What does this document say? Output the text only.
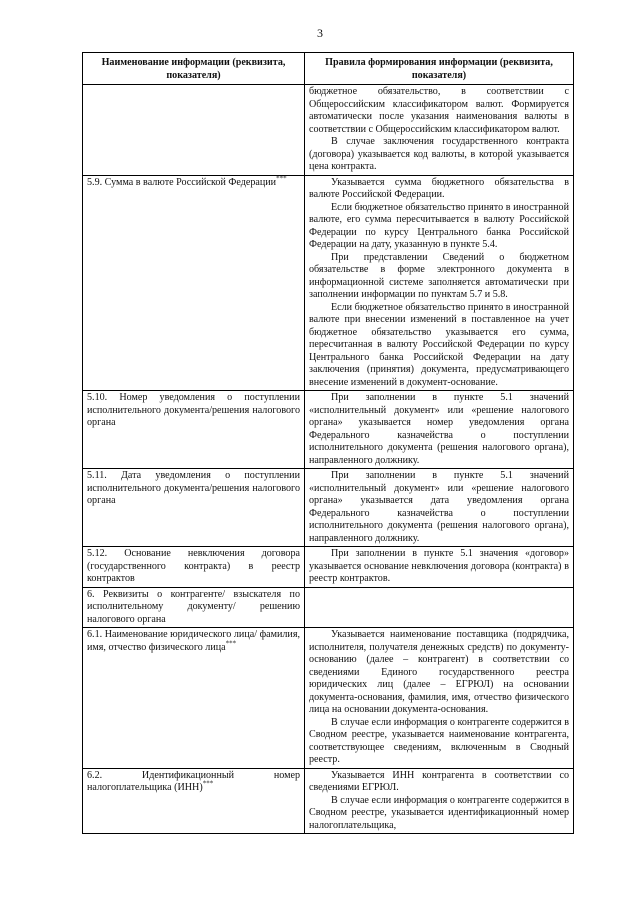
3
Наименование информации (реквизита, показателя)	Правила формирования информации (реквизита, показателя)

	бюджетное обязательство, в соответствии с Общероссийским классификатором валют. Формируется автоматически после указания наименования валюты в соответствии с Общероссийским классификатором валют.

В случае заключения государственного контракта (договора) указывается код валюты, в которой указывается цена контракта.

5.9. Сумма в валюте Российской Федерации***	Указывается сумма бюджетного обязательства в валюте Российской Федерации.

Если бюджетное обязательство принято в иностранной валюте, его сумма пересчитывается в валюту Российской Федерации по курсу Центрального банка Российской Федерации на дату, указанную в пункте 5.4.

При представлении Сведений о бюджетном обязательстве в форме электронного документа в информационной системе заполняется автоматически при заполнении информации по пунктам 5.7 и 5.8.

Если бюджетное обязательство принято в иностранной валюте при внесении изменений в поставленное на учет бюджетное обязательство указывается его сумма, пересчитанная в валюту Российской Федерации по курсу Центрального банка Российской Федерации на дату заключения (принятия) документа, предусматривающего внесение изменений в документ-основание.

5.10. Номер уведомления о поступлении исполнительного документа/решения налогового органа	При заполнении в пункте 5.1 значений «исполнительный документ» или «решение налогового органа» указывается номер уведомления органа Федерального казначейства о поступлении исполнительного документа (решения налогового органа), направленного должнику.

5.11. Дата уведомления о поступлении исполнительного документа/решения налогового органа	При заполнении в пункте 5.1 значений «исполнительный документ» или «решение налогового органа» указывается дата уведомления органа Федерального казначейства о поступлении исполнительного документа (решения налогового органа), направленного должнику.

5.12. Основание невключения договора (государственного контракта) в реестр контрактов	При заполнении в пункте 5.1 значения «договор» указывается основание невключения договора (контракта) в реестр контрактов.

6. Реквизиты о контрагенте/ взыскателя по исполнительному документу/ решению налогового органа	
6.1. Наименование юридического лица/ фамилия, имя, отчество физического лица***	Указывается наименование поставщика (подрядчика, исполнителя, получателя денежных средств) по документу-основанию (далее – контрагент) в соответствии со сведениями Единого государственного реестра юридических лиц (далее – ЕГРЮЛ) на основании документа-основания, фамилия, имя, отчество физического лица на основании документа-основания.

В случае если информация о контрагенте содержится в Сводном реестре, указывается наименование контрагента, соответствующее сведениям, включенным в Сводный реестр.

6.2. Идентификационный номер налогоплательщика (ИНН)***	Указывается ИНН контрагента в соответствии со сведениями ЕГРЮЛ.

В случае если информация о контрагенте содержится в Сводном реестре, указывается идентификационный номер налогоплательщика,
